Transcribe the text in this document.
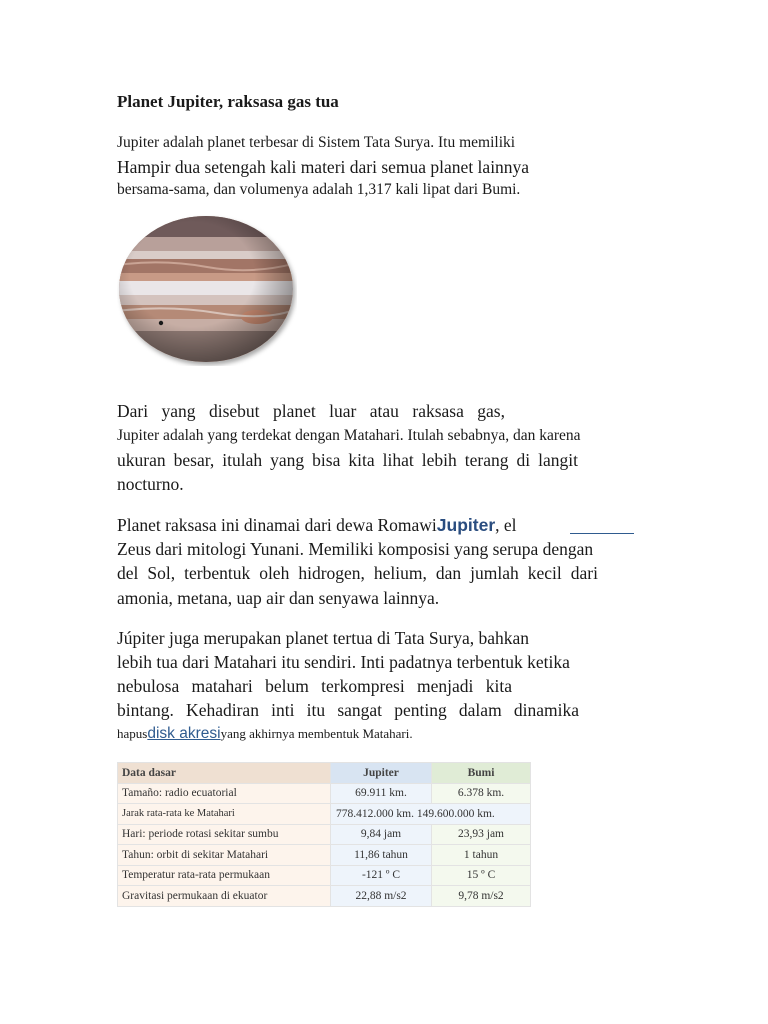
Planet Jupiter, raksasa gas tua
Jupiter adalah planet terbesar di Sistem Tata Surya. Itu memiliki
Hampir dua setengah kali materi dari semua planet lainnya
bersama-sama, dan volumenya adalah 1,317 kali lipat dari Bumi.
Dari yang disebut planet luar atau raksasa gas,
Jupiter adalah yang terdekat dengan Matahari. Itulah sebabnya, dan karena
ukuran besar, itulah yang bisa kita lihat lebih terang di langit
nocturno.
Planet raksasa ini dinamai dari dewa RomawiJupiter, el
Zeus dari mitologi Yunani. Memiliki komposisi yang serupa dengan
del Sol, terbentuk oleh hidrogen, helium, dan jumlah kecil dari
amonia, metana, uap air dan senyawa lainnya.
Júpiter juga merupakan planet tertua di Tata Surya, bahkan
lebih tua dari Matahari itu sendiri. Inti padatnya terbentuk ketika
nebulosa matahari belum terkompresi menjadi kita
bintang. Kehadiran inti itu sangat penting dalam dinamika
hapusdisk akresiyang akhirnya membentuk Matahari.
Data dasar	Jupiter	Bumi
Tamaño: radio ecuatorial	69.911 km.	6.378 km.
Jarak rata-rata ke Matahari	778.412.000 km. 149.600.000 km.	
Hari: periode rotasi sekitar sumbu	9,84 jam	23,93 jam
Tahun: orbit di sekitar Matahari	11,86 tahun	1 tahun
Temperatur rata-rata permukaan	-121 º C	15 º C
Gravitasi permukaan di ekuator	22,88 m/s2	9,78 m/s2
